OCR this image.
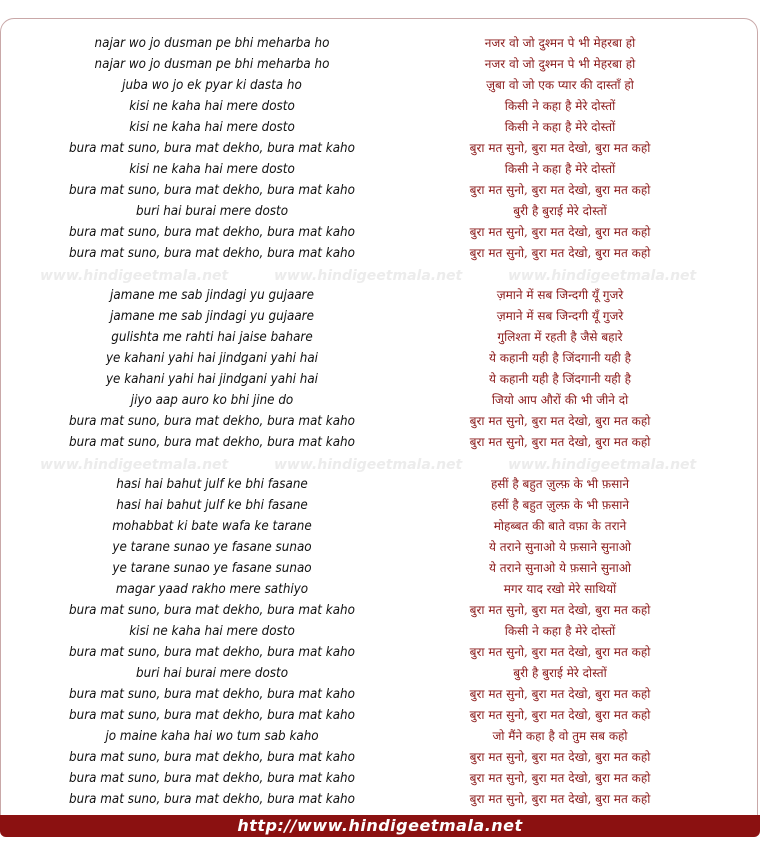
www.hindigeetmala.net	www.hindigeetmala.net	www.hindigeetmala.net
www.hindigeetmala.net	www.hindigeetmala.net	www.hindigeetmala.net
najar wo jo dusman pe bhi meharba ho
najar wo jo dusman pe bhi meharba ho
juba wo jo ek pyar ki dasta ho
kisi ne kaha hai mere dosto
kisi ne kaha hai mere dosto
bura mat suno, bura mat dekho, bura mat kaho
kisi ne kaha hai mere dosto
bura mat suno, bura mat dekho, bura mat kaho
buri hai burai mere dosto
bura mat suno, bura mat dekho, bura mat kaho
bura mat suno, bura mat dekho, bura mat kaho
jamane me sab jindagi yu gujaare
jamane me sab jindagi yu gujaare
gulishta me rahti hai jaise bahare
ye kahani yahi hai jindgani yahi hai
ye kahani yahi hai jindgani yahi hai
jiyo aap auro ko bhi jine do
bura mat suno, bura mat dekho, bura mat kaho
bura mat suno, bura mat dekho, bura mat kaho
hasi hai bahut julf ke bhi fasane
hasi hai bahut julf ke bhi fasane
mohabbat ki bate wafa ke tarane
ye tarane sunao ye fasane sunao
ye tarane sunao ye fasane sunao
magar yaad rakho mere sathiyo
bura mat suno, bura mat dekho, bura mat kaho
kisi ne kaha hai mere dosto
bura mat suno, bura mat dekho, bura mat kaho
buri hai burai mere dosto
bura mat suno, bura mat dekho, bura mat kaho
bura mat suno, bura mat dekho, bura mat kaho
jo maine kaha hai wo tum sab kaho
bura mat suno, bura mat dekho, bura mat kaho
bura mat suno, bura mat dekho, bura mat kaho
bura mat suno, bura mat dekho, bura mat kaho
नजर वो जो दुश्मन पे भी मेहरबा हो
नजर वो जो दुश्मन पे भी मेहरबा हो
ज़ुबा वो जो एक प्यार की दास्ताँ हो
किसी ने कहा है मेरे दोस्तों
किसी ने कहा है मेरे दोस्तों
बुरा मत सुनो, बुरा मत देखो, बुरा मत कहो
किसी ने कहा है मेरे दोस्तों
बुरा मत सुनो, बुरा मत देखो, बुरा मत कहो
बुरी है बुराई मेरे दोस्तों
बुरा मत सुनो, बुरा मत देखो, बुरा मत कहो
बुरा मत सुनो, बुरा मत देखो, बुरा मत कहो
ज़माने में सब जिन्दगी यूँ गुजरे
ज़माने में सब जिन्दगी यूँ गुजरे
गुलिश्ता में रहती है जैसे बहारे
ये कहानी यही है जिंदगानी यही है
ये कहानी यही है जिंदगानी यही है
जियो आप औरों की भी जीने दो
बुरा मत सुनो, बुरा मत देखो, बुरा मत कहो
बुरा मत सुनो, बुरा मत देखो, बुरा मत कहो
हसीं है बहुत ज़ुल्फ़ के भी फ़साने
हसीं है बहुत ज़ुल्फ़ के भी फ़साने
मोहब्बत की बाते वफ़ा के तराने
ये तराने सुनाओ ये फ़साने सुनाओ
ये तराने सुनाओ ये फ़साने सुनाओ
मगर याद रखो मेरे साथियों
बुरा मत सुनो, बुरा मत देखो, बुरा मत कहो
किसी ने कहा है मेरे दोस्तों
बुरा मत सुनो, बुरा मत देखो, बुरा मत कहो
बुरी है बुराई मेरे दोस्तों
बुरा मत सुनो, बुरा मत देखो, बुरा मत कहो
बुरा मत सुनो, बुरा मत देखो, बुरा मत कहो
जो मैंने कहा है वो तुम सब कहो
बुरा मत सुनो, बुरा मत देखो, बुरा मत कहो
बुरा मत सुनो, बुरा मत देखो, बुरा मत कहो
बुरा मत सुनो, बुरा मत देखो, बुरा मत कहो
http://www.hindigeetmala.net
